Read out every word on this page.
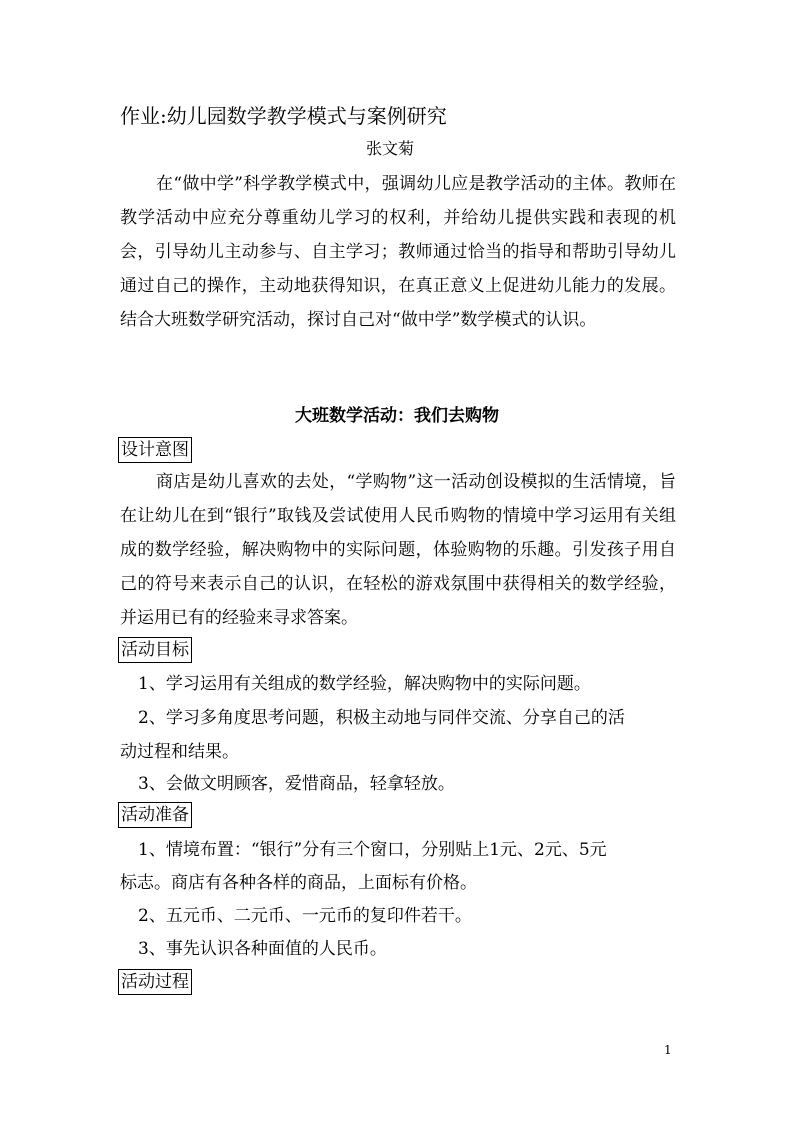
作业:幼儿园数学教学模式与案例研究
张文菊
在“做中学”科学教学模式中，强调幼儿应是教学活动的主体。教师在教学活动中应充分尊重幼儿学习的权利，并给幼儿提供实践和表现的机会，引导幼儿主动参与、自主学习；教师通过恰当的指导和帮助引导幼儿通过自己的操作，主动地获得知识，在真正意义上促进幼儿能力的发展。结合大班数学研究活动，探讨自己对“做中学”数学模式的认识。
大班数学活动：我们去购物
设计意图
商店是幼儿喜欢的去处，“学购物”这一活动创设模拟的生活情境，旨在让幼儿在到“银行”取钱及尝试使用人民币购物的情境中学习运用有关组成的数学经验，解决购物中的实际问题，体验购物的乐趣。引发孩子用自己的符号来表示自己的认识，在轻松的游戏氛围中获得相关的数学经验，并运用已有的经验来寻求答案。
活动目标
1、学习运用有关组成的数学经验，解决购物中的实际问题。
2、学习多角度思考问题，积极主动地与同伴交流、分享自己的活
动过程和结果。
3、会做文明顾客，爱惜商品，轻拿轻放。
活动准备
1、情境布置：“银行”分有三个窗口，分别贴上1元、2元、5元
标志。商店有各种各样的商品，上面标有价格。
2、五元币、二元币、一元币的复印件若干。
3、事先认识各种面值的人民币。
活动过程
1
